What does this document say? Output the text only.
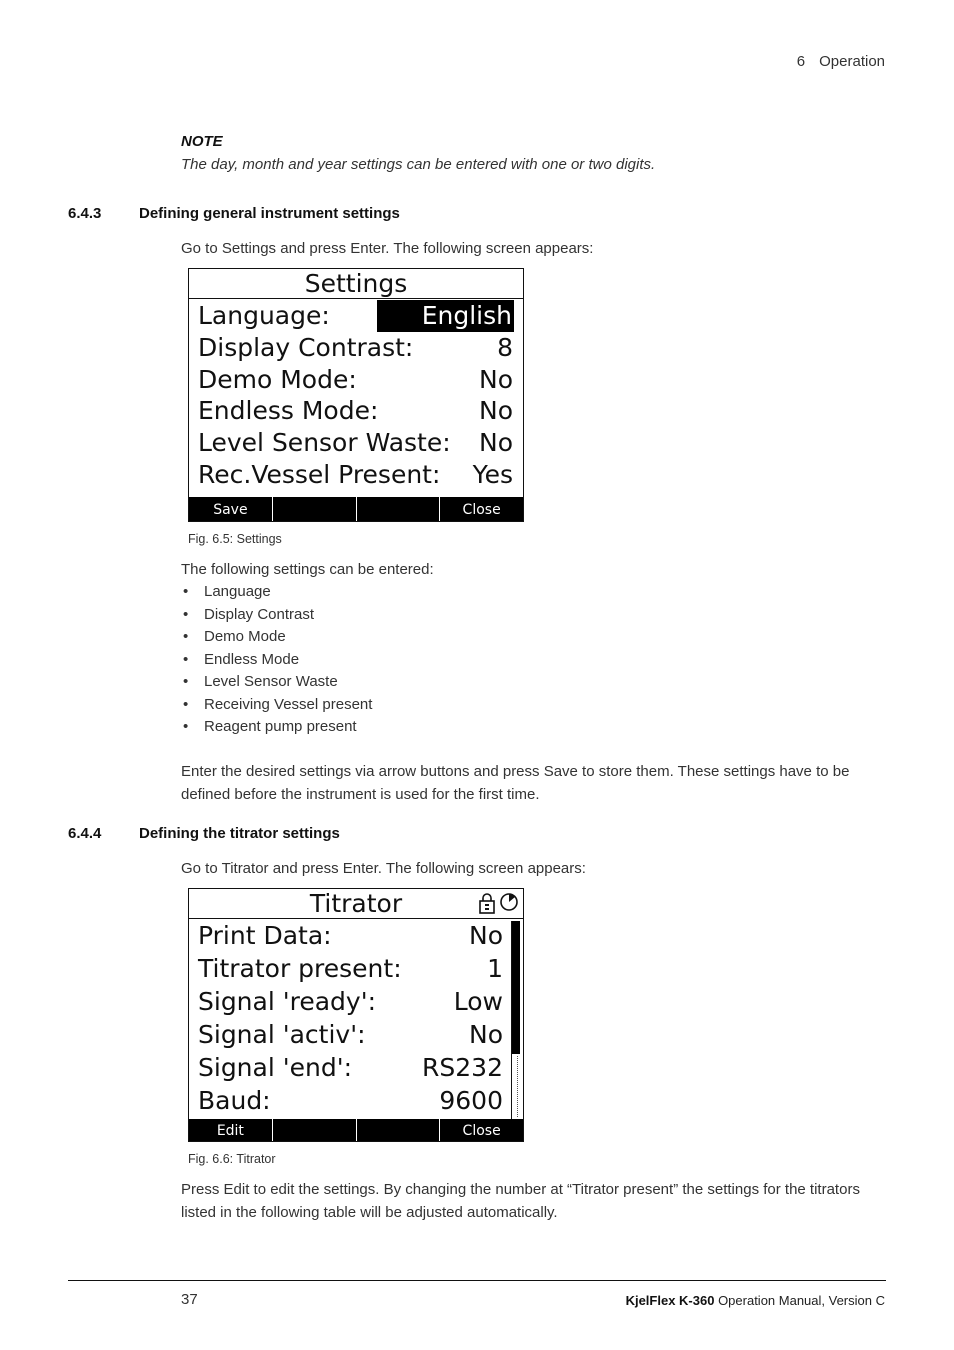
6 Operation
NOTE
The day, month and year settings can be entered with one or two digits.
6.4.3	Defining general instrument settings
Go to Settings and press Enter. The following screen appears:
Settings
Language:	English
Display Contrast:	8
Demo Mode:	No
Endless Mode:	No
Level Sensor Waste: No
Rec.Vessel Present: Yes
Save	Close
Fig. 6.5: Settings
The following settings can be entered:
• Language
• Display Contrast
• Demo Mode
• Endless Mode
• Level Sensor Waste
• Receiving Vessel present
• Reagent pump present
Enter the desired settings via arrow buttons and press Save to store them. These settings have to be defined before the instrument is used for the first time.
6.4.4	Defining the titrator settings
Go to Titrator and press Enter. The following screen appears:
Titrator
Print Data:	No
Titrator present:	1
Signal 'ready':	Low
Signal 'activ':	No
Signal 'end':	RS232
Baud:	9600
Edit	Close
Fig. 6.6: Titrator
Press Edit to edit the settings. By changing the number at “Titrator present” the settings for the titrators listed in the following table will be adjusted automatically.
37	KjelFlex K-360 Operation Manual, Version C
